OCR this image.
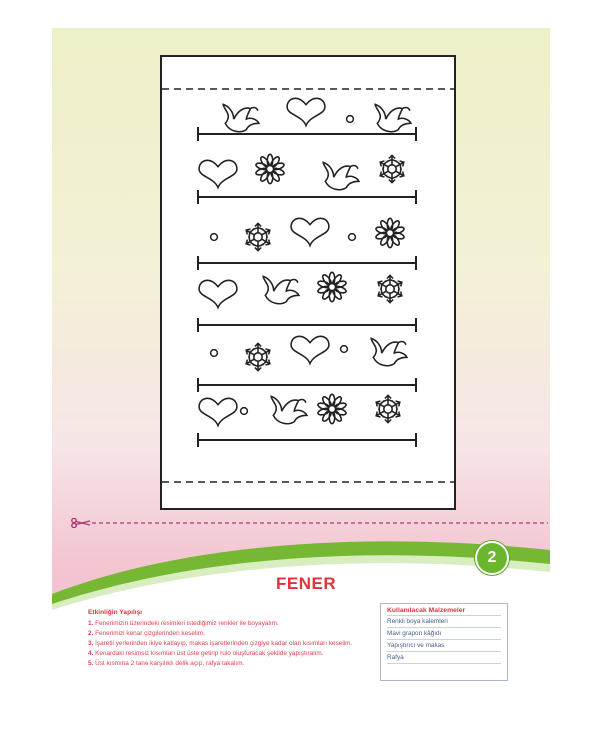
2
FENER
Etkinliğin Yapılışı
1. Fenerimizin üzerindeki resimleri istediğimiz renkler ile boyayalım.
2. Fenerimizi kenar çizgilerinden keselim.
3. İşaretli yerlerinden ikiye katlayıp, makas işaretlerinden çizgiye kadar olan kısımları keselim.
4. Kenardaki resimsiz kısımları üst üste getirip rulo oluşturacak şekilde yapıştıralım.
5. Üst kısmına 2 tane karşılıklı delik açıp, rafya takalım.
Kullanılacak Malzemeler
Renkli boya kalemleri
Mavi grapon kâğıdı
Yapıştırıcı ve makas
Rafya
